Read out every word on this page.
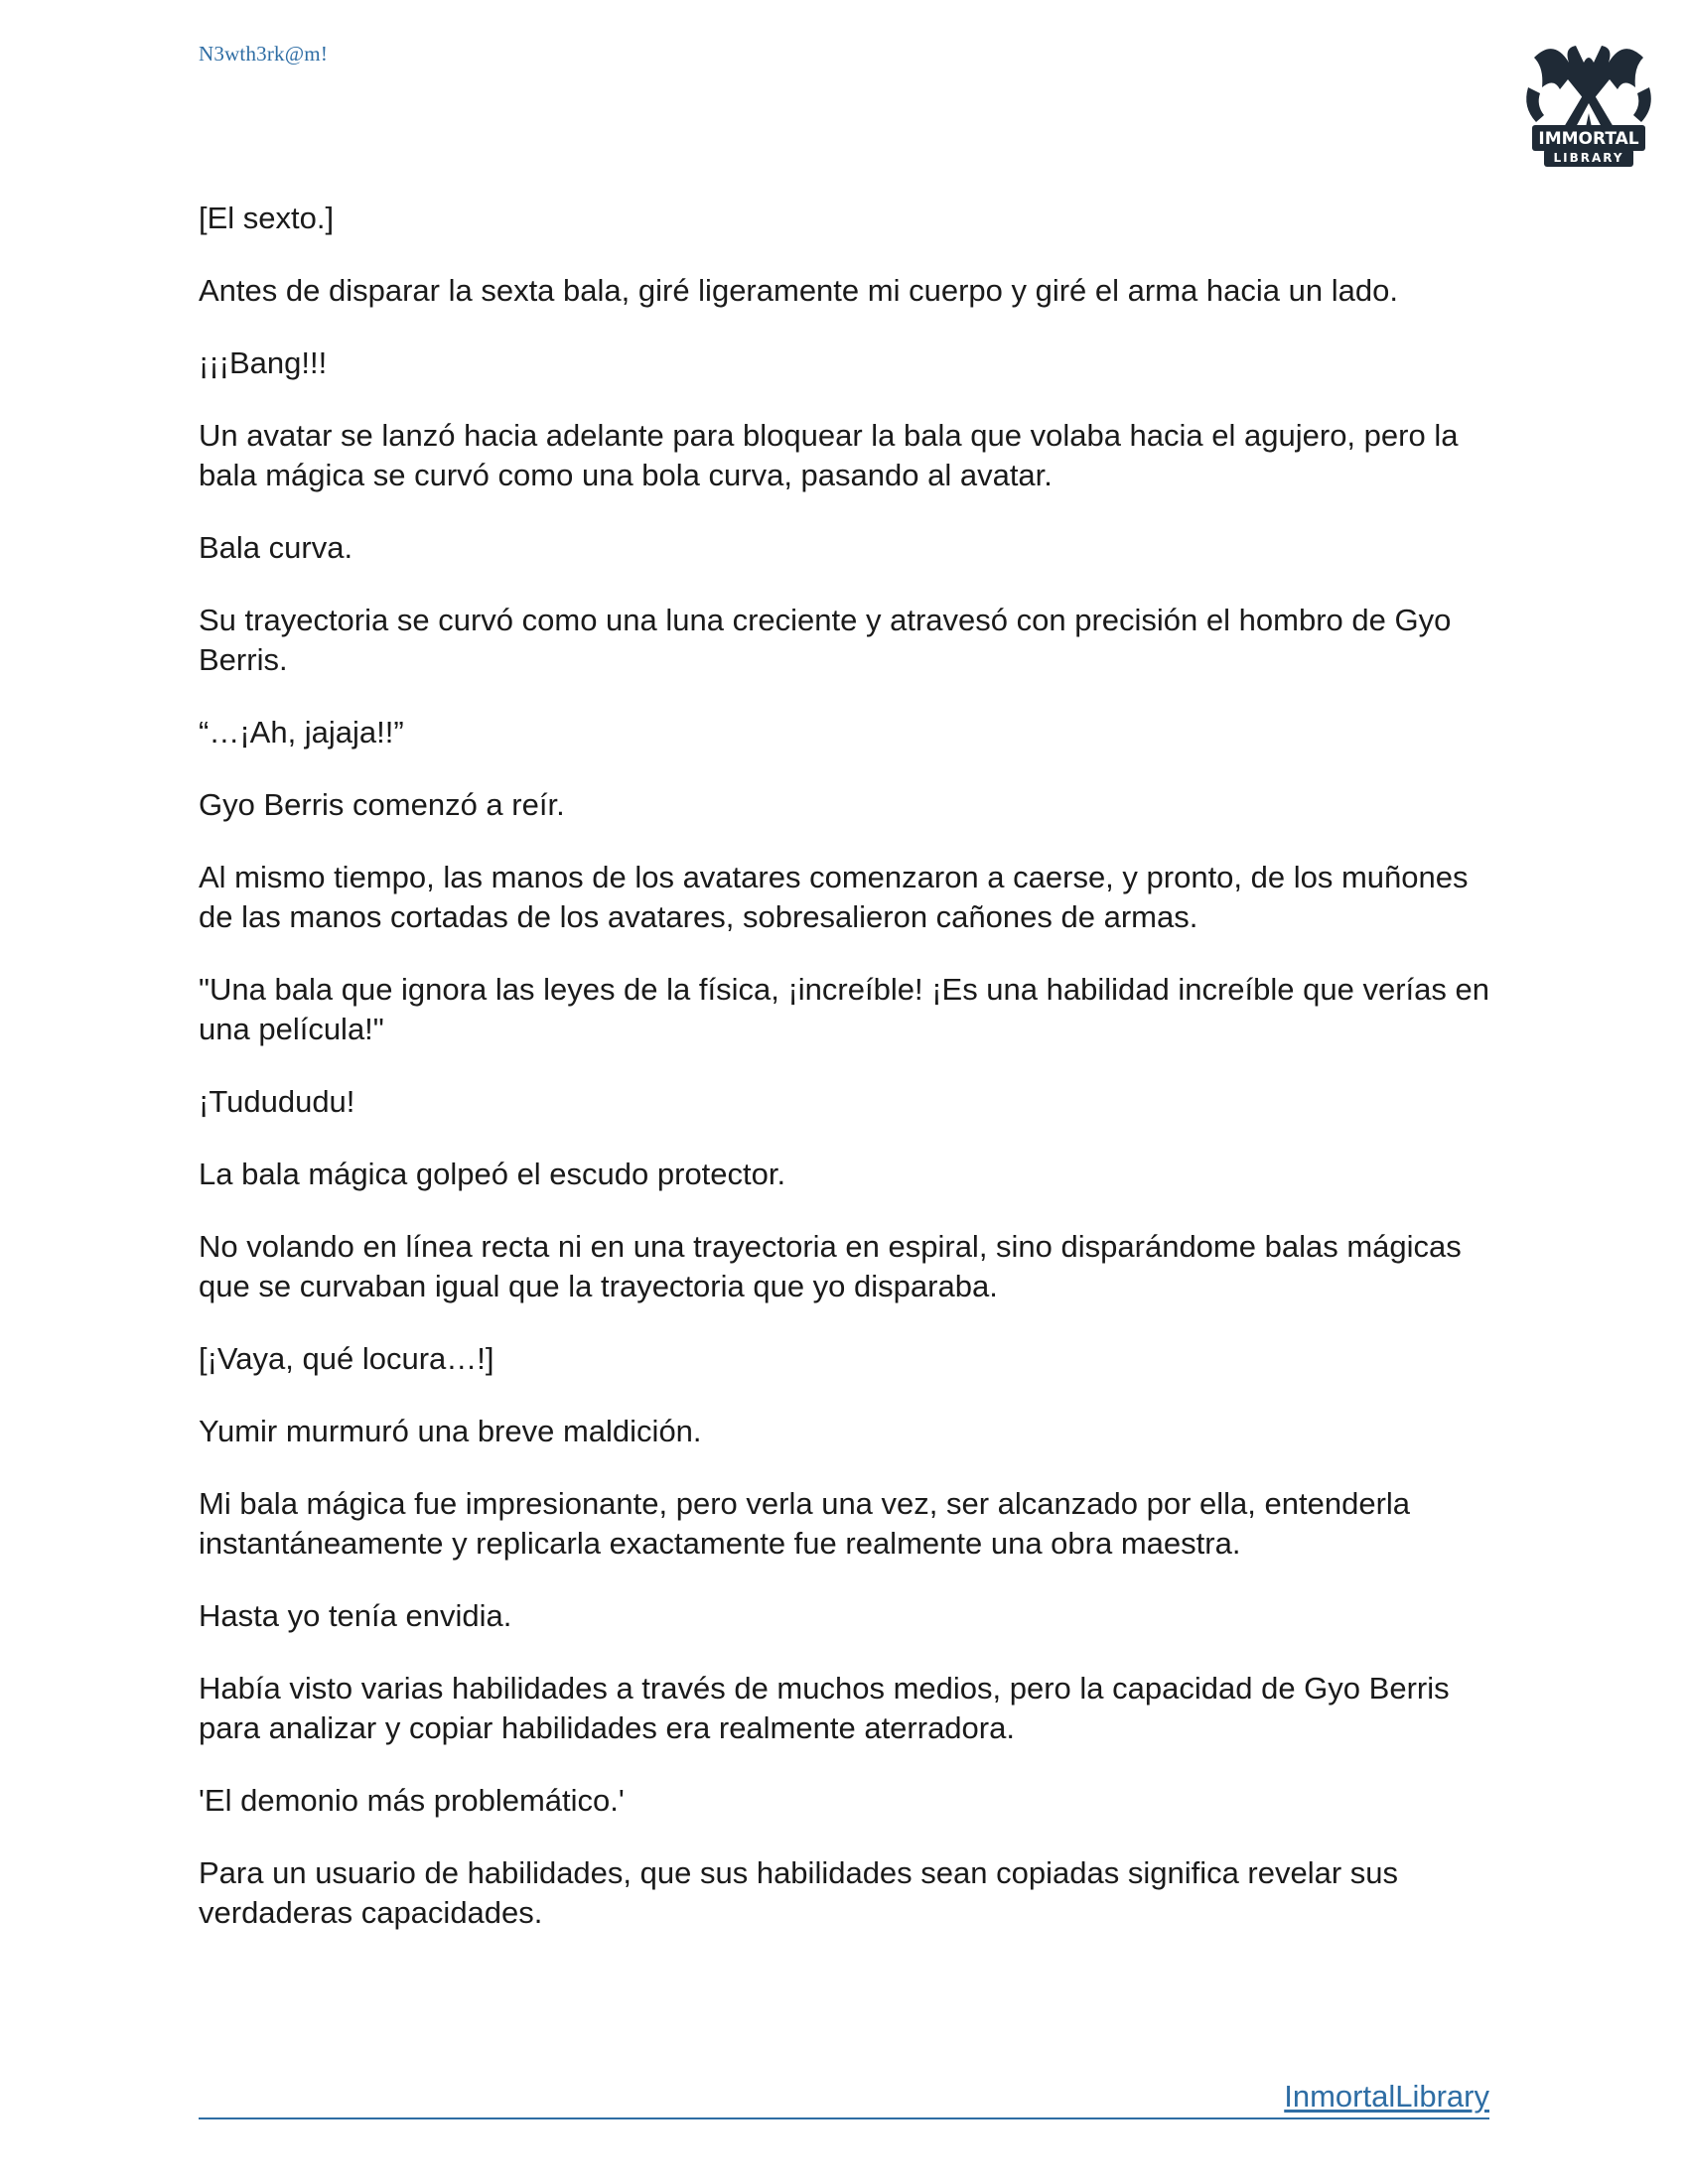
N3wth3rk@m!
IMMORTAL
LIBRARY

[El sexto.]

Antes de disparar la sexta bala, giré ligeramente mi cuerpo y giré el arma hacia un lado.

¡¡¡Bang!!!

Un avatar se lanzó hacia adelante para bloquear la bala que volaba hacia el agujero, pero la bala mágica se curvó como una bola curva, pasando al avatar.

Bala curva.

Su trayectoria se curvó como una luna creciente y atravesó con precisión el hombro de Gyo Berris.

“…¡Ah, jajaja!!”

Gyo Berris comenzó a reír.

Al mismo tiempo, las manos de los avatares comenzaron a caerse, y pronto, de los muñones de las manos cortadas de los avatares, sobresalieron cañones de armas.

"Una bala que ignora las leyes de la física, ¡increíble! ¡Es una habilidad increíble que verías en una película!"

¡Tudududu!

La bala mágica golpeó el escudo protector.

No volando en línea recta ni en una trayectoria en espiral, sino disparándome balas mágicas que se curvaban igual que la trayectoria que yo disparaba.

[¡Vaya, qué locura…!]

Yumir murmuró una breve maldición.

Mi bala mágica fue impresionante, pero verla una vez, ser alcanzado por ella, entenderla instantáneamente y replicarla exactamente fue realmente una obra maestra.

Hasta yo tenía envidia.

Había visto varias habilidades a través de muchos medios, pero la capacidad de Gyo Berris para analizar y copiar habilidades era realmente aterradora.

'El demonio más problemático.'

Para un usuario de habilidades, que sus habilidades sean copiadas significa revelar sus verdaderas capacidades.

InmortalLibrary
